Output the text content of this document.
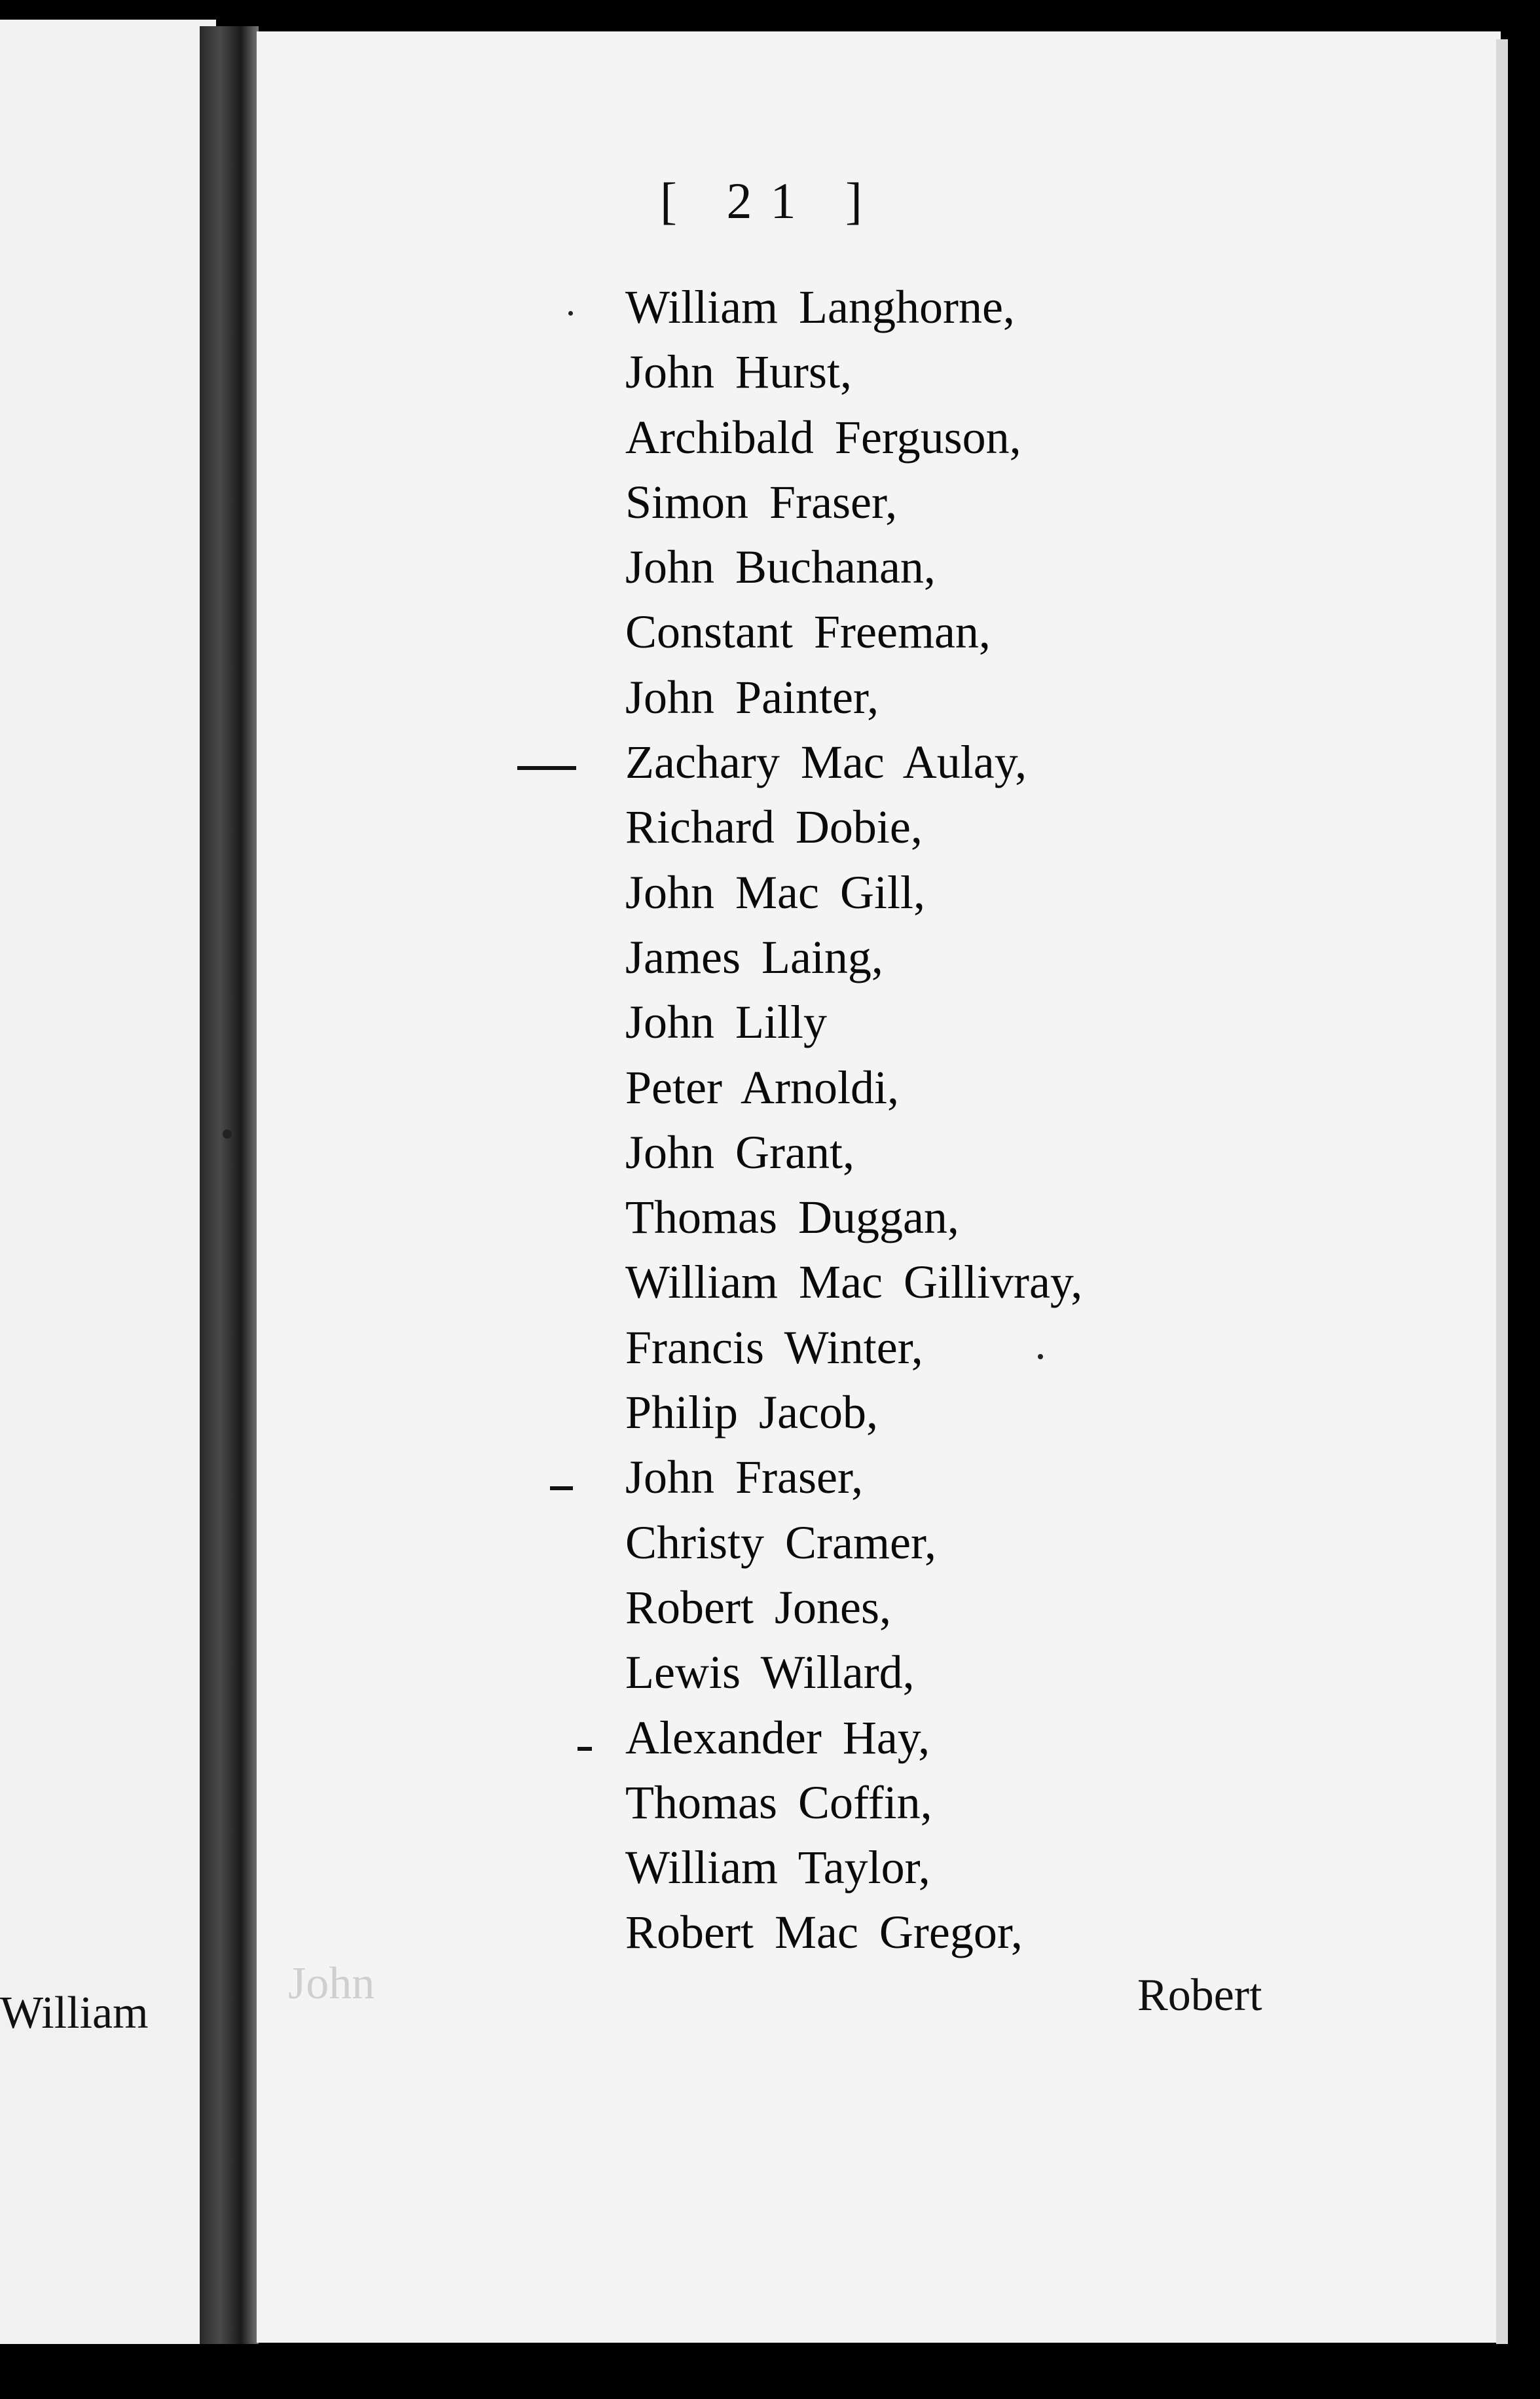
William
John
[ 21 ]
William Langhorne,
John Hurst,
Archibald Ferguson,
Simon Fraser,
John Buchanan,
Constant Freeman,
John Painter,
Zachary Mac Aulay,
Richard Dobie,
John Mac Gill,
James Laing,
John Lilly
Peter Arnoldi,
John Grant,
Thomas Duggan,
William Mac Gillivray,
Francis Winter,
Philip Jacob,
John Fraser,
Christy Cramer,
Robert Jones,
Lewis Willard,
Alexander Hay,
Thomas Coffin,
William Taylor,
Robert Mac Gregor,
Robert
